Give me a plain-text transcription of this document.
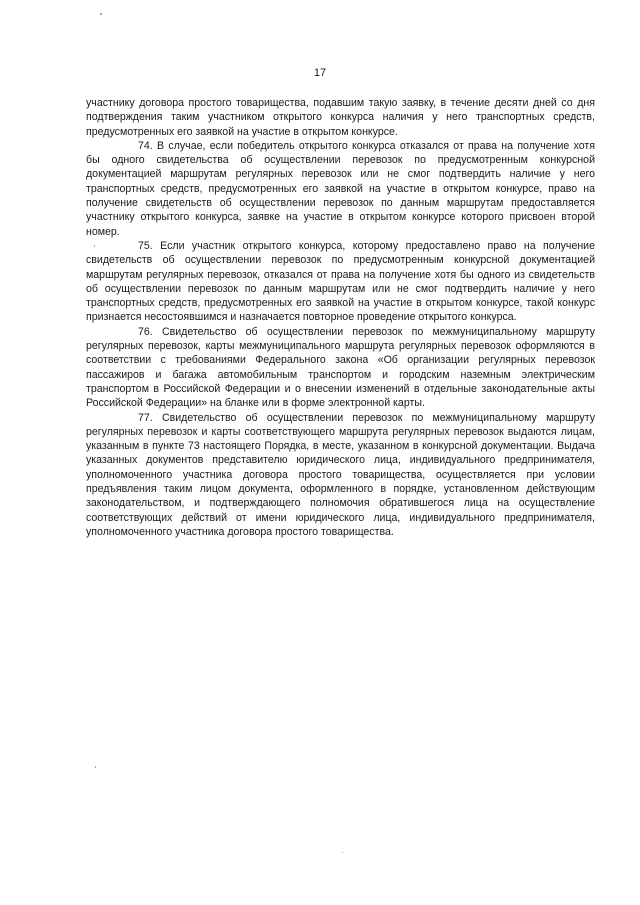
17

участнику договора простого товарищества, подавшим такую заявку, в течение десяти дней со дня подтверждения таким участником открытого конкурса наличия у него транспортных средств, предусмотренных его заявкой на участие в открытом конкурсе.

74. В случае, если победитель открытого конкурса отказался от права на получение хотя бы одного свидетельства об осуществлении перевозок по предусмотренным конкурсной документацией маршрутам регулярных перевозок или не смог подтвердить наличие у него транспортных средств, предусмотренных его заявкой на участие в открытом конкурсе, право на получение свидетельств об осуществлении перевозок по данным маршрутам предоставляется участнику открытого конкурса, заявке на участие в открытом конкурсе которого присвоен второй номер.

75. Если участник открытого конкурса, которому предоставлено право на получение свидетельств об осуществлении перевозок по предусмотренным конкурсной документацией маршрутам регулярных перевозок, отказался от права на получение хотя бы одного из свидетельств об осуществлении перевозок по данным маршрутам или не смог подтвердить наличие у него транспортных средств, предусмотренных его заявкой на участие в открытом конкурсе, такой конкурс признается несостоявшимся и назначается повторное проведение открытого конкурса.

76. Свидетельство об осуществлении перевозок по межмуниципальному маршруту регулярных перевозок, карты межмуниципального маршрута регулярных перевозок оформляются в соответствии с требованиями Федерального закона «Об организации регулярных перевозок пассажиров и багажа автомобильным транспортом и городским наземным электрическим транспортом в Российской Федерации и о внесении изменений в отдельные законодательные акты Российской Федерации» на бланке или в форме электронной карты.

77. Свидетельство об осуществлении перевозок по межмуниципальному маршруту регулярных перевозок и карты соответствующего маршрута регулярных перевозок выдаются лицам, указанным в пункте 73 настоящего Порядка, в месте, указанном в конкурсной документации. Выдача указанных документов представителю юридического лица, индивидуального предпринимателя, уполномоченного участника договора простого товарищества, осуществляется при условии предъявления таким лицом документа, оформленного в порядке, установленном действующим законодательством, и подтверждающего полномочия обратившегося лица на осуществление соответствующих действий от имени юридического лица, индивидуального предпринимателя, уполномоченного участника договора простого товарищества.
